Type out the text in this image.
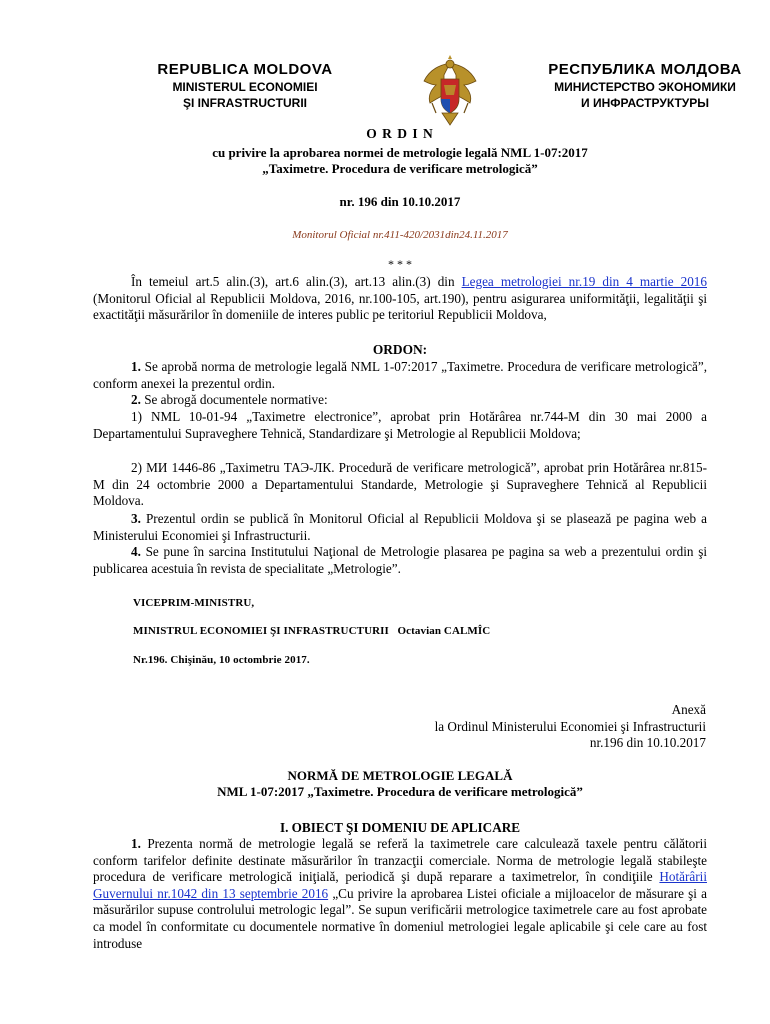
REPUBLICA MOLDOVA
MINISTERUL ECONOMIEI
ŞI INFRASTRUCTURII
РЕСПУБЛИКА МОЛДОВА
МИНИСТЕРСТВО ЭКОНОМИКИ
И ИНФРАСТРУКТУРЫ
O R D I N
cu privire la aprobarea normei de metrologie legală NML 1-07:2017
„Taximetre. Procedura de verificare metrologică”
nr. 196 din 10.10.2017
Monitorul Oficial nr.411-420/2031din24.11.2017
* * *

În temeiul art.5 alin.(3), art.6 alin.(3), art.13 alin.(3) din Legea metrologiei nr.19 din 4 martie 2016 (Monitorul Oficial al Republicii Moldova, 2016, nr.100-105, art.190), pentru asigurarea uniformităţii, legalităţii şi exactităţii măsurărilor în domeniile de interes public pe teritoriul Republicii Moldova,

ORDON:

1. Se aprobă norma de metrologie legală NML 1-07:2017 „Taximetre. Procedura de verificare metrologică”, conform anexei la prezentul ordin.

2. Se abrogă documentele normative:

1) NML 10-01-94 „Taximetre electronice”, aprobat prin Hotărârea nr.744-M din 30 mai 2000 a Departamentului Supraveghere Tehnică, Standardizare şi Metrologie al Republicii Moldova;

2) МИ 1446-86 „Taximetru ТАЭ-ЛК. Procedură de verificare metrologică”, aprobat prin Hotărârea nr.815-M din 24 octombrie 2000 a Departamentului Standarde, Metrologie şi Supraveghere Tehnică al Republicii Moldova.

3. Prezentul ordin se publică în Monitorul Oficial al Republicii Moldova şi se plasează pe pagina web a Ministerului Economiei şi Infrastructurii.

4. Se pune în sarcina Institutului Naţional de Metrologie plasarea pe pagina sa web a prezentului ordin şi publicarea acestuia în revista de specialitate „Metrologie”.

VICEPRIM-MINISTRU,
MINISTRUL ECONOMIEI ŞI INFRASTRUCTURII   Octavian CALMÎC
Nr.196. Chişinău, 10 octombrie 2017.
Anexă
la Ordinul Ministerului Economiei şi Infrastructurii
nr.196 din 10.10.2017
NORMĂ DE METROLOGIE LEGALĂ
NML 1-07:2017 „Taximetre. Procedura de verificare metrologică”
I. OBIECT ŞI DOMENIU DE APLICARE

1. Prezenta normă de metrologie legală se referă la taximetrele care calculează taxele pentru călătorii conform tarifelor definite destinate măsurărilor în tranzacţii comerciale. Norma de metrologie legală stabileşte procedura de verificare metrologică iniţială, periodică şi după reparare a taximetrelor, în condiţiile Hotărârii Guvernului nr.1042 din 13 septembrie 2016 „Cu privire la aprobarea Listei oficiale a mijloacelor de măsurare şi a măsurărilor supuse controlului metrologic legal”. Se supun verificării metrologice taximetrele care au fost aprobate ca model în conformitate cu documentele normative în domeniul metrologiei legale aplicabile şi cele care au fost introduse
